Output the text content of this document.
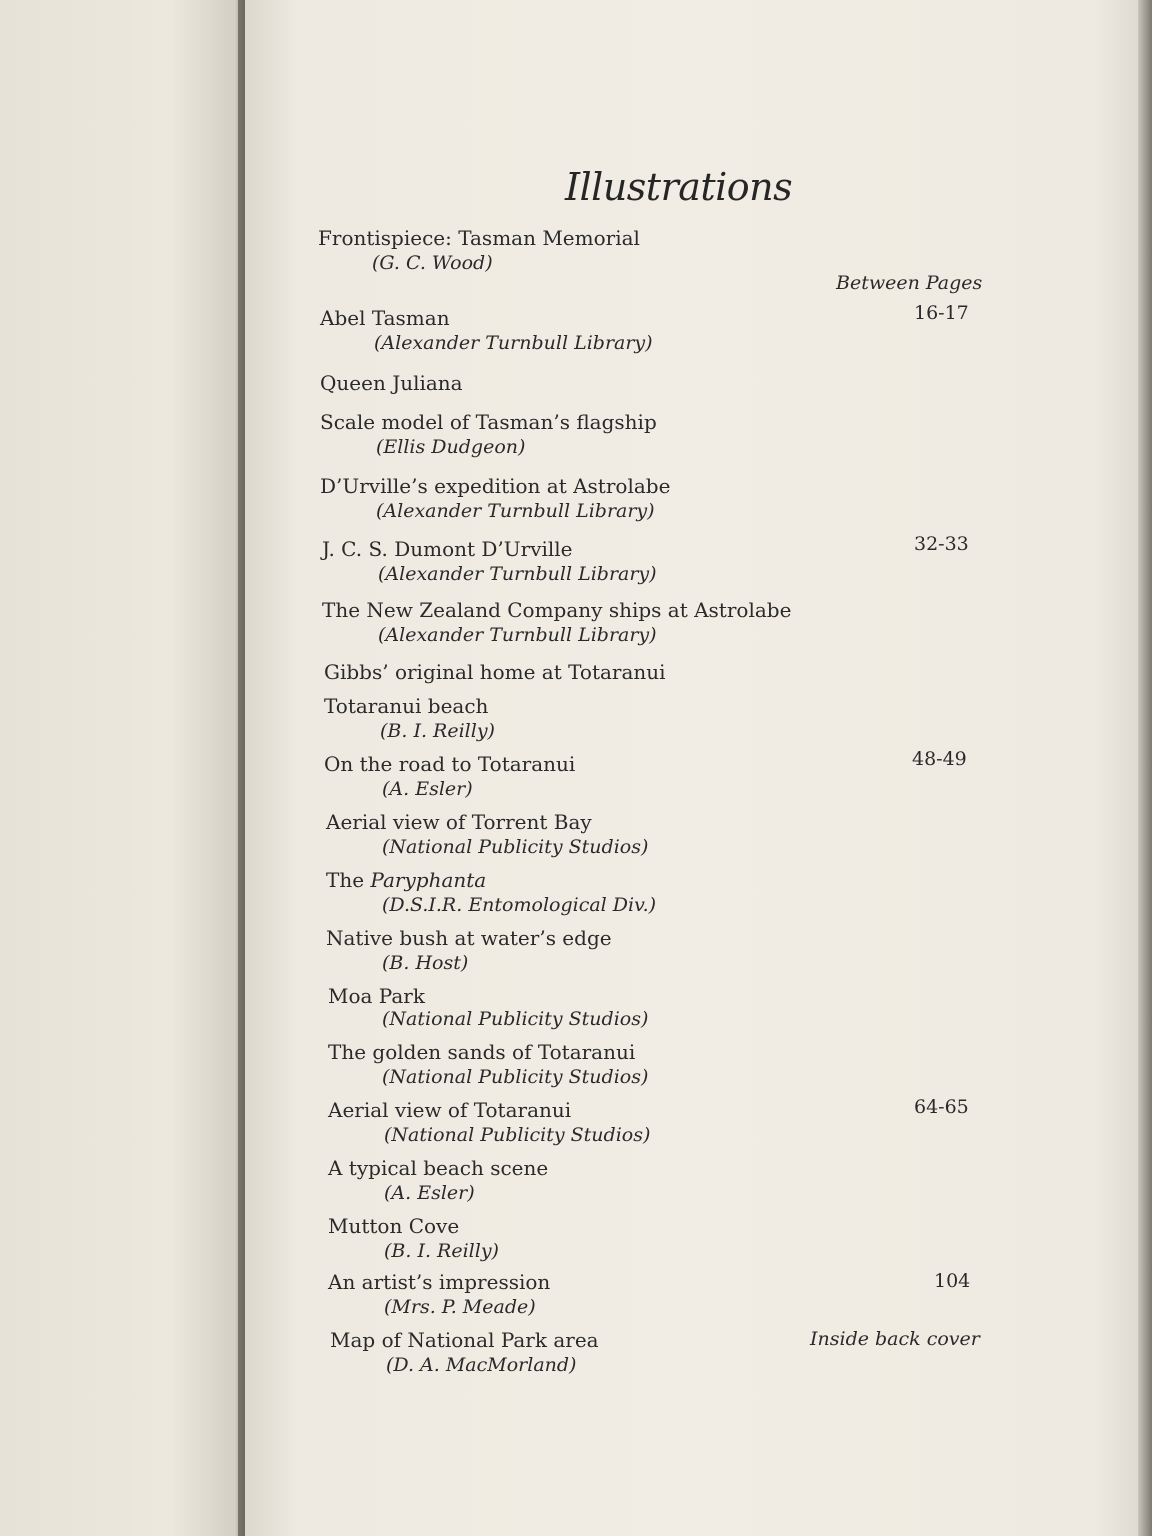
Illustrations
Frontispiece: Tasman Memorial
(G. C. Wood)
Between Pages
Abel Tasman
(Alexander Turnbull Library)
16-17
Queen Juliana
Scale model of Tasman’s flagship
(Ellis Dudgeon)
D’Urville’s expedition at Astrolabe
(Alexander Turnbull Library)
J. C. S. Dumont D’Urville
(Alexander Turnbull Library)
32-33
The New Zealand Company ships at Astrolabe
(Alexander Turnbull Library)
Gibbs’ original home at Totaranui
Totaranui beach
(B. I. Reilly)
On the road to Totaranui
(A. Esler)
48-49
Aerial view of Torrent Bay
(National Publicity Studios)
The Paryphanta
(D.S.I.R. Entomological Div.)
Native bush at water’s edge
(B. Host)
Moa Park
(National Publicity Studios)
The golden sands of Totaranui
(National Publicity Studios)
Aerial view of Totaranui
(National Publicity Studios)
64-65
A typical beach scene
(A. Esler)
Mutton Cove
(B. I. Reilly)
An artist’s impression
(Mrs. P. Meade)
104
Map of National Park area
(D. A. MacMorland)
Inside back cover
